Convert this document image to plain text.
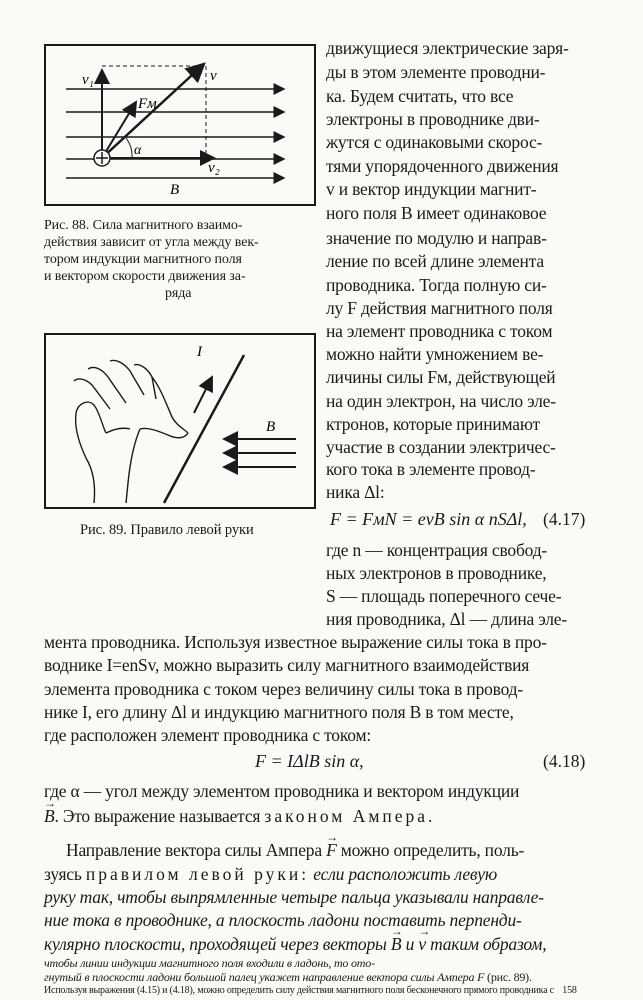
v₁	v
Fм
α
v₂
B
Рис. 88. Сила магнитного взаимо-
действия зависит от угла между век-
тором индукции магнитного поля
и вектором скорости движения за-
ряда
I
B
Рис. 89. Правило левой руки
движущиеся электрические заря-
ды в этом элементе проводни-
ка. Будем считать, что все
электроны в проводнике дви-
жутся с одинаковыми скорос-
тями упорядоченного движения
v и вектор индукции магнит-
ного поля B имеет одинаковое
значение по модулю и направ-
ление по всей длине элемента
проводника. Тогда полную си-
лу F действия магнитного поля
на элемент проводника с током
можно найти умножением ве-
личины силы Fм, действующей
на один электрон, на число эле-
ктронов, которые принимают
участие в создании электричес-
кого тока в элементе провод-
ника Δl:
F = FмN = evB sin α nSΔl, (4.17)
где n — концентрация свобод-
ных электронов в проводнике,
S — площадь поперечного сече-
ния проводника, Δl — длина эле-
мента проводника. Используя известное выражение силы тока в про-
воднике I=enSv, можно выразить силу магнитного взаимодействия
элемента проводника с током через величину силы тока в провод-
нике I, его длину Δl и индукцию магнитного поля B в том месте,
где расположен элемент проводника с током:
F = IΔlB sin α,	(4.18)
где α — угол между элементом проводника и вектором индукции
→ B. Это выражение называется законом Ампера.
Направление вектора силы Ампера → F можно определить, поль-
зуясь правилом левой руки: если расположить левую
руку так, чтобы выпрямленные четыре пальца указывали направле-
ние тока в проводнике, а плоскость ладони поставить перпенди-
кулярно плоскости, проходящей через векторы → B и → v таким образом,
чтобы линии индукции магнитного поля входили в ладонь, то ото-
гнутый в плоскости ладони большой палец укажет направление вектора силы Ампера F (рис. 89).
Используя выражения (4.15) и (4.18), можно определить силу действия магнитного поля бесконечного прямого проводника с 158
